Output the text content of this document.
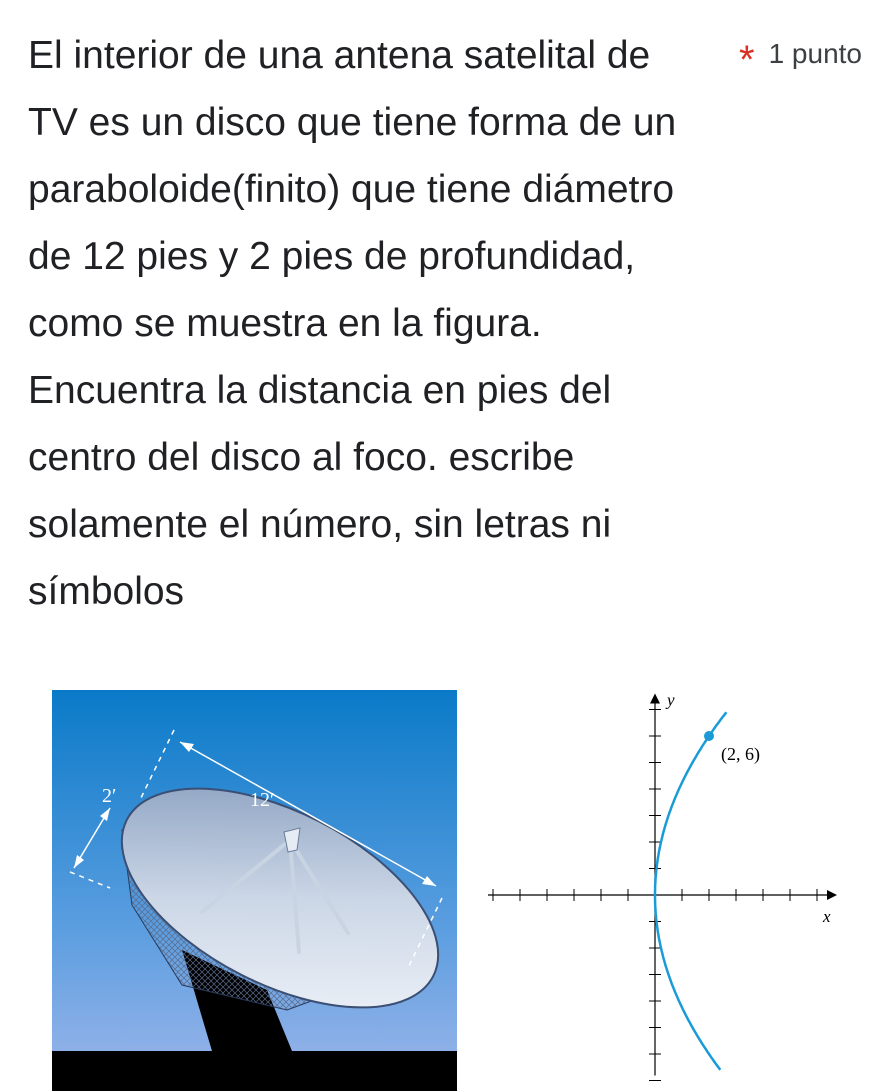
El interior de una antena satelital de TV es un disco que tiene forma de un paraboloide(finito) que tiene diámetro de 12 pies y 2 pies de profundidad, como se muestra en la figura. Encuentra la distancia en pies del centro del disco al foco. escribe solamente el número, sin letras ni símbolos

* 1 punto
2′	12′
(2, 6)
x
y
